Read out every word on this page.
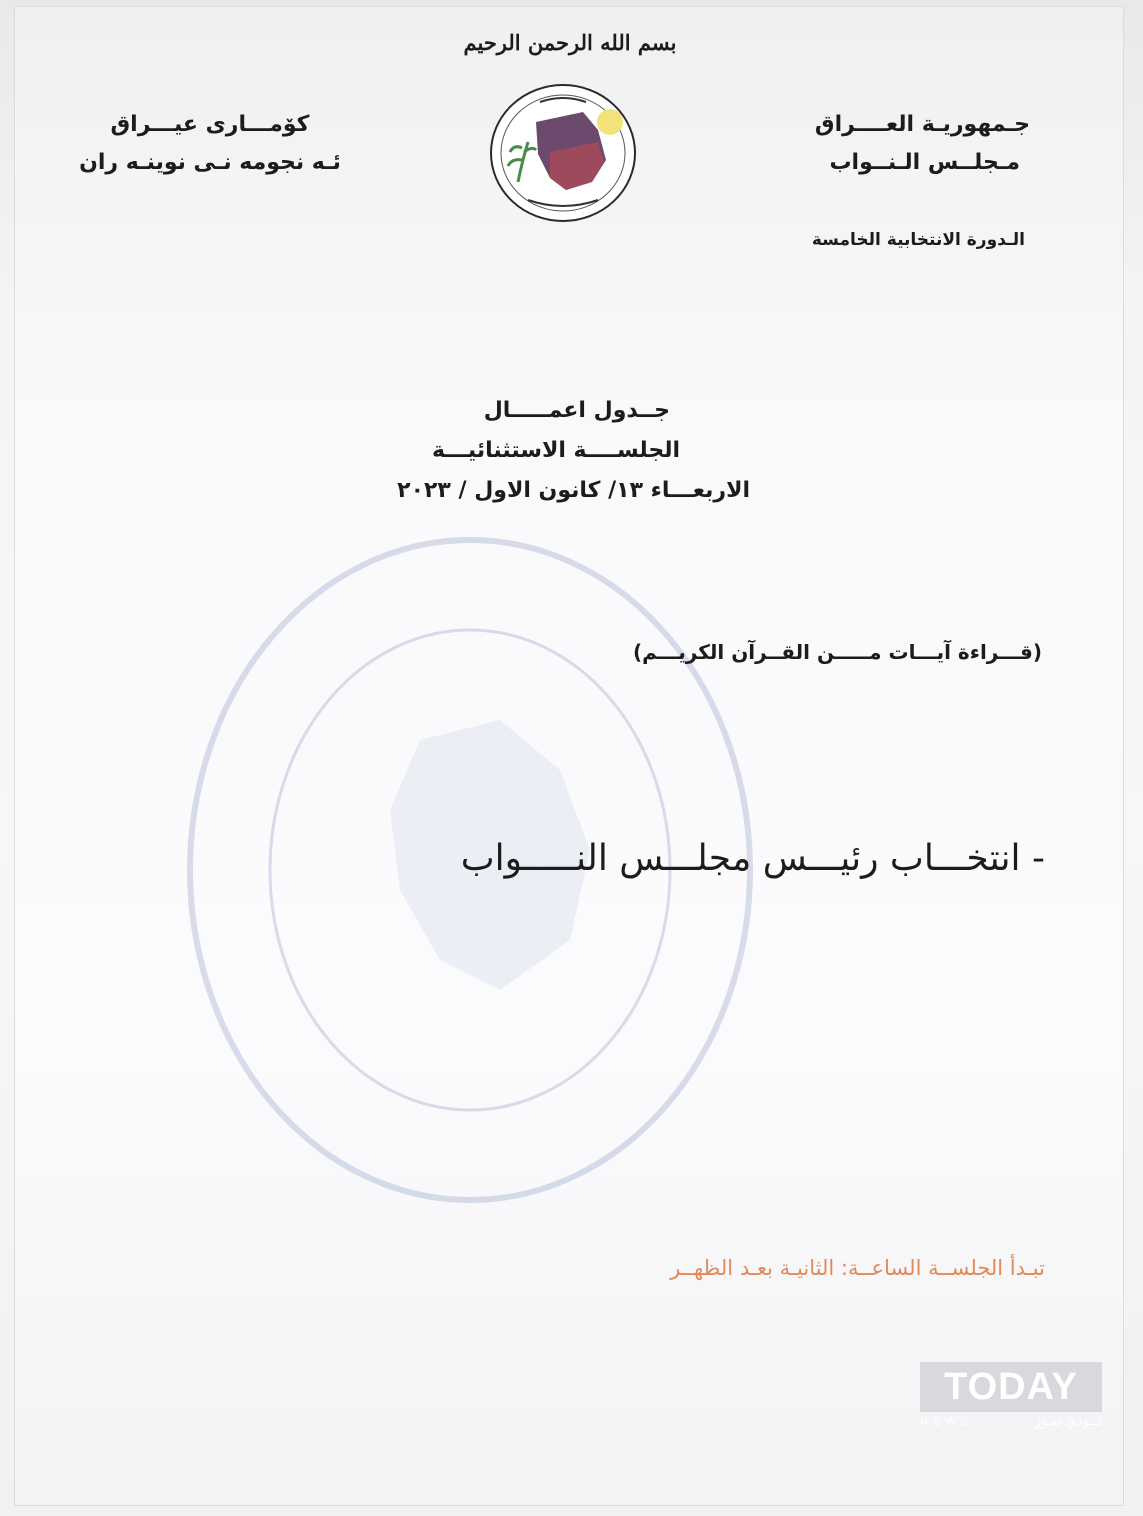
بسم الله الرحمن الرحيم
كۆمـــارى عيـــراق
ئـه نجومه نـى نوينـه ران
جـمهوريـة العــــراق
مـجلــس الـنــواب
الـدورة الانتخابية الخامسة
جــدول اعمـــــال
الجلســــة الاستثنائيـــة
الاربعـــاء ١٣/ كانون الاول / ٢٠٢٣
(قـــراءة آيـــات مـــــن القــرآن الكريـــم)
- انتخـــاب رئيـــس مجلـــس النـــــواب
تبـدأ الجلســة الساعــة: الثانيـة بعـد الظهــر
TODAY
NEWS	تــودي نيـوز
